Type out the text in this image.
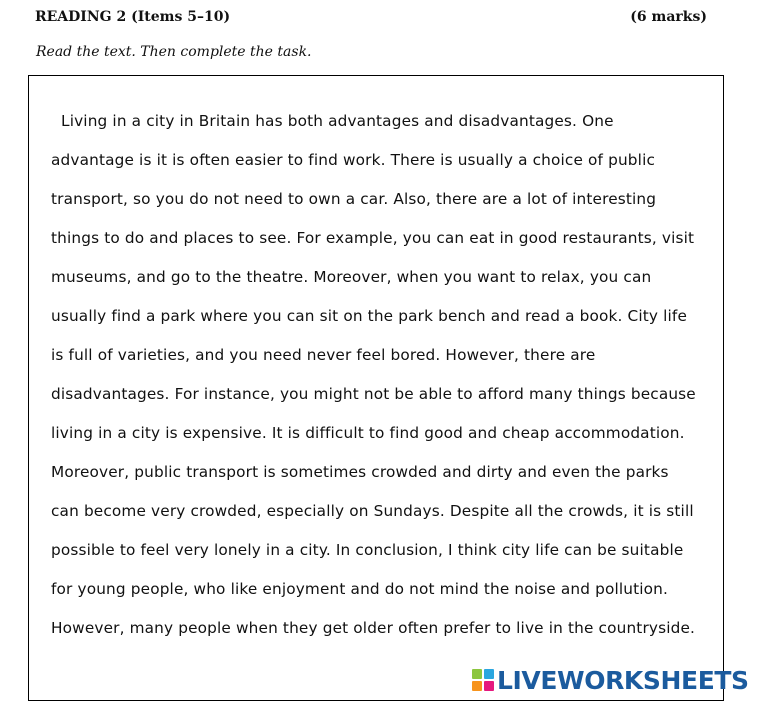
READING 2 (Items 5–10)	(6 marks)
Read the text. Then complete the task.

Living in a city in Britain has both advantages and disadvantages. One
advantage is it is often easier to find work. There is usually a choice of public
transport, so you do not need to own a car. Also, there are a lot of interesting
things to do and places to see. For example, you can eat in good restaurants, visit
museums, and go to the theatre. Moreover, when you want to relax, you can
usually find a park where you can sit on the park bench and read a book. City life
is full of varieties, and you need never feel bored. However, there are
disadvantages. For instance, you might not be able to afford many things because
living in a city is expensive. It is difficult to find good and cheap accommodation.
Moreover, public transport is sometimes crowded and dirty and even the parks
can become very crowded, especially on Sundays. Despite all the crowds, it is still
possible to feel very lonely in a city. In conclusion, I think city life can be suitable
for young people, who like enjoyment and do not mind the noise and pollution.
However, many people when they get older often prefer to live in the countryside.

LIVEWORKSHEETS
